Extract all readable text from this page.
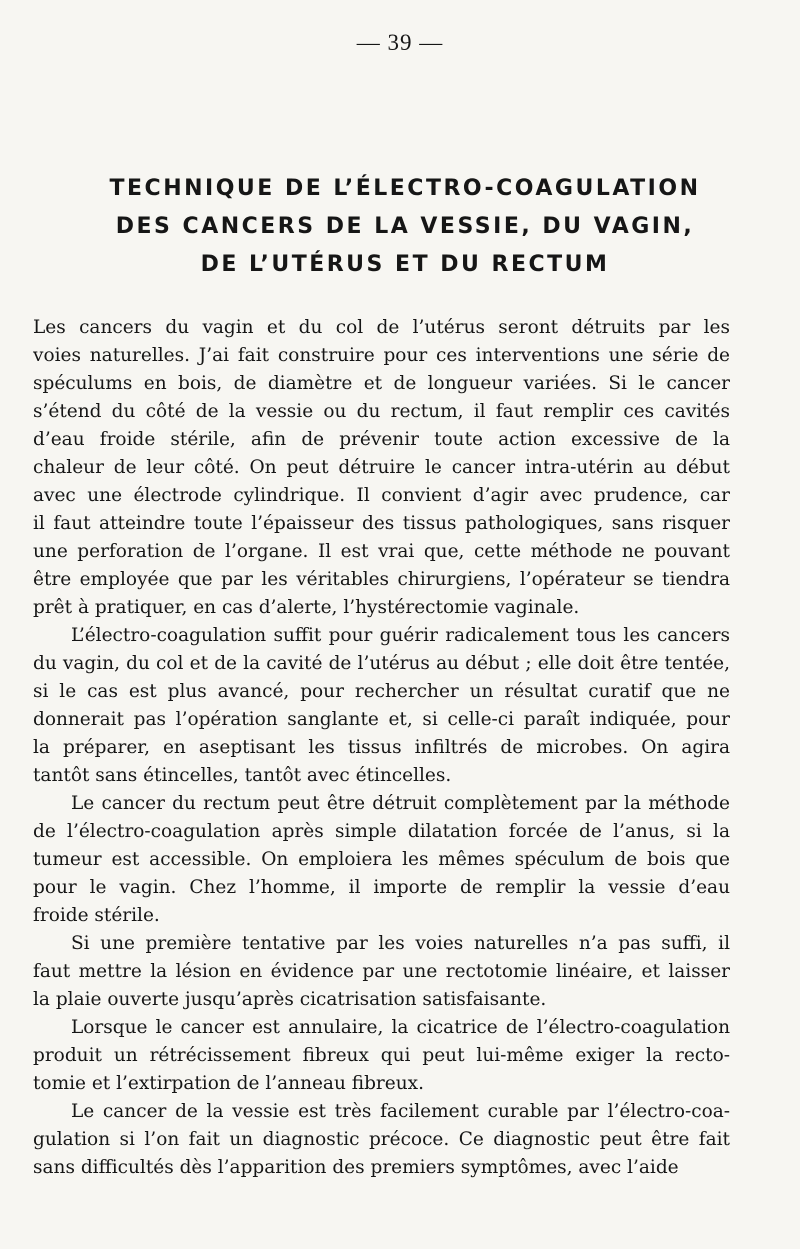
— 39 —
TECHNIQUE DE L’ÉLECTRO-COAGULATION
DES CANCERS DE LA VESSIE, DU VAGIN,
DE L’UTÉRUS ET DU RECTUM

Les cancers du vagin et du col de l’utérus seront détruits par les
voies naturelles. J’ai fait construire pour ces interventions une série de
spéculums en bois, de diamètre et de longueur variées. Si le cancer
s’étend du côté de la vessie ou du rectum, il faut remplir ces cavités
d’eau froide stérile, afin de prévenir toute action excessive de la
chaleur de leur côté. On peut détruire le cancer intra-utérin au début
avec une électrode cylindrique. Il convient d’agir avec prudence, car
il faut atteindre toute l’épaisseur des tissus pathologiques, sans risquer
une perforation de l’organe. Il est vrai que, cette méthode ne pouvant
être employée que par les véritables chirurgiens, l’opérateur se tiendra
prêt à pratiquer, en cas d’alerte, l’hystérectomie vaginale.

L’électro-coagulation suffit pour guérir radicalement tous les cancers
du vagin, du col et de la cavité de l’utérus au début ; elle doit être tentée,
si le cas est plus avancé, pour rechercher un résultat curatif que ne
donnerait pas l’opération sanglante et, si celle-ci paraît indiquée, pour
la préparer, en aseptisant les tissus infiltrés de microbes. On agira
tantôt sans étincelles, tantôt avec étincelles.

Le cancer du rectum peut être détruit complètement par la méthode
de l’électro-coagulation après simple dilatation forcée de l’anus, si la
tumeur est accessible. On emploiera les mêmes spéculum de bois que
pour le vagin. Chez l’homme, il importe de remplir la vessie d’eau
froide stérile.

Si une première tentative par les voies naturelles n’a pas suffi, il
faut mettre la lésion en évidence par une rectotomie linéaire, et laisser
la plaie ouverte jusqu’après cicatrisation satisfaisante.

Lorsque le cancer est annulaire, la cicatrice de l’électro-coagulation
produit un rétrécissement fibreux qui peut lui-même exiger la recto-
tomie et l’extirpation de l’anneau fibreux.

Le cancer de la vessie est très facilement curable par l’électro-coa-
gulation si l’on fait un diagnostic précoce. Ce diagnostic peut être fait
sans difficultés dès l’apparition des premiers symptômes, avec l’aide
